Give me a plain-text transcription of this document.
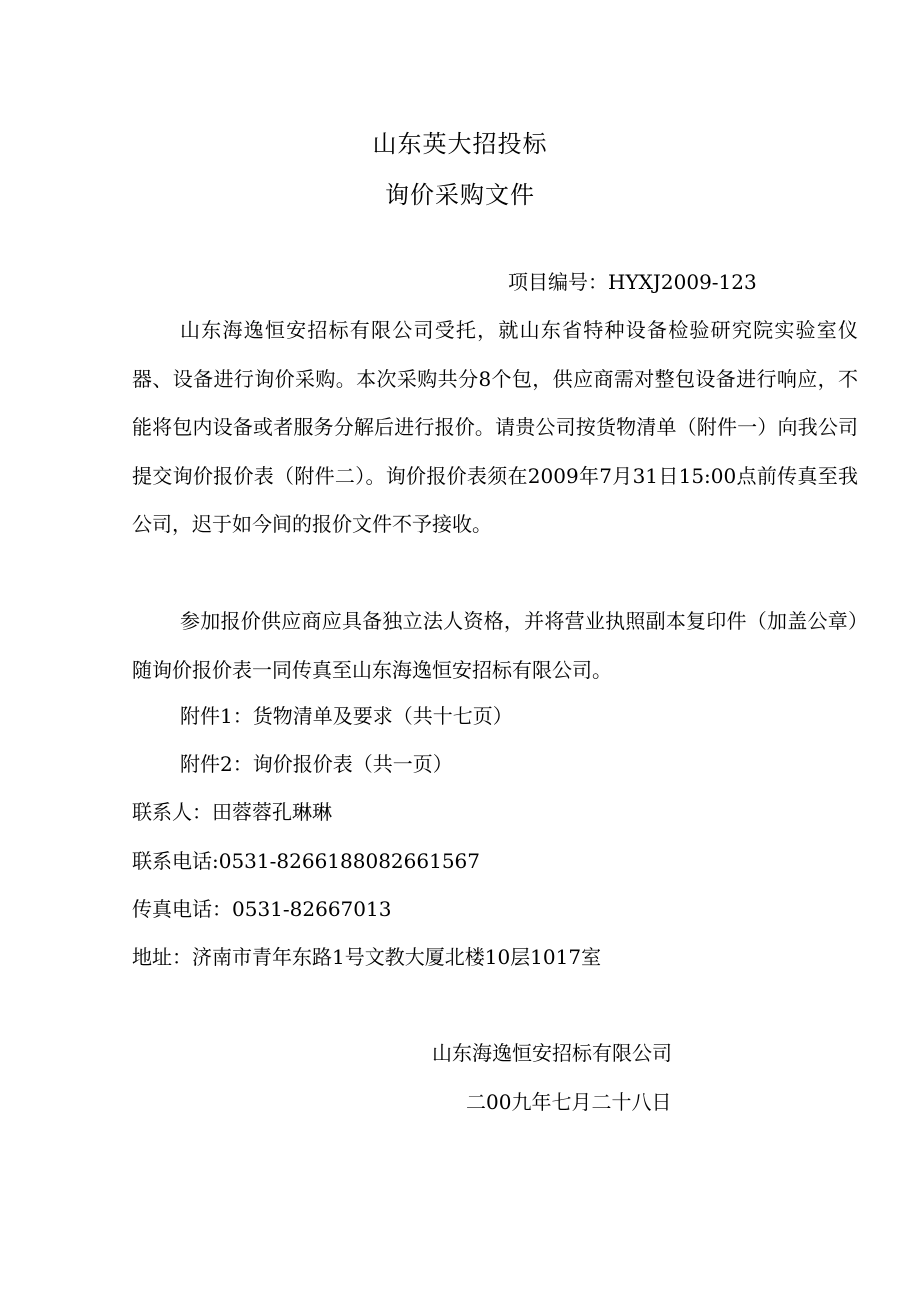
山东英大招投标
询价采购文件
项目编号：HYXJ2009-123

山东海逸恒安招标有限公司受托，就山东省特种设备检验研究院实验室仪器、设备进行询价采购。本次采购共分8个包，供应商需对整包设备进行响应，不能将包内设备或者服务分解后进行报价。请贵公司按货物清单（附件一）向我公司提交询价报价表（附件二）。询价报价表须在2009年7月31日15:00点前传真至我公司，迟于如今间的报价文件不予接收。

参加报价供应商应具备独立法人资格，并将营业执照副本复印件（加盖公章）随询价报价表一同传真至山东海逸恒安招标有限公司。

附件1：货物清单及要求（共十七页）
附件2：询价报价表（共一页）
联系人：田蓉蓉孔琳琳
联系电话:0531-8266188082661567
传真电话：0531-82667013
地址：济南市青年东路1号文教大厦北楼10层1017室
山东海逸恒安招标有限公司
二00九年七月二十八日
